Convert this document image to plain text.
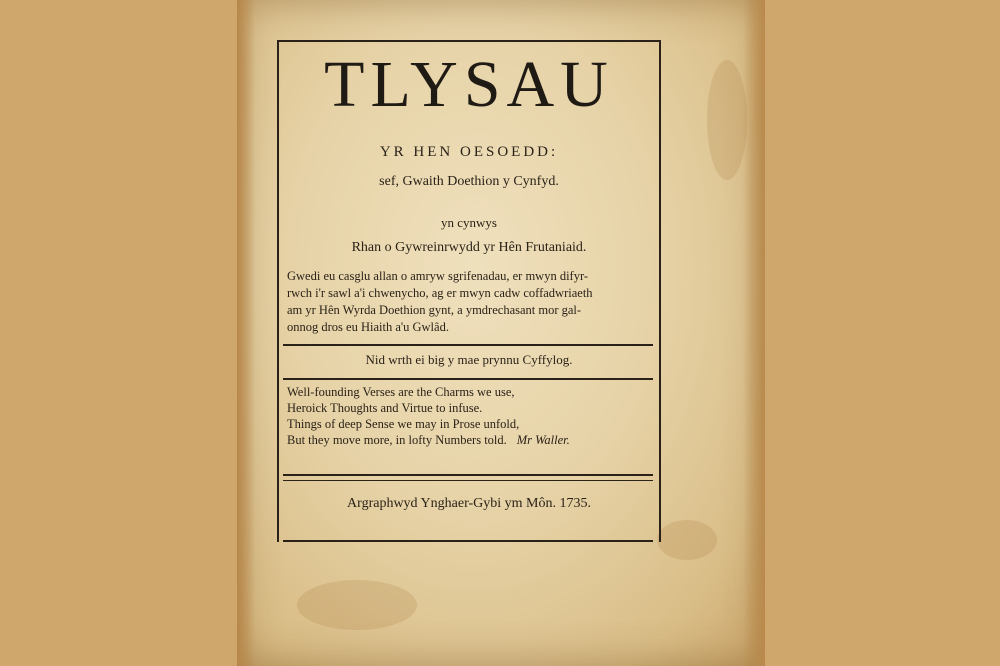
TLYSAU
YR HEN OESOEDD:
sef, Gwaith Doethion y Cynfyd.
yn cynwys
Rhan o Gywreinrwydd yr Hên Frutaniaid.
Gwedi eu casglu allan o amryw sgrifenadau, er mwyn difyr-
rwch i'r sawl a'i chwenycho, ag er mwyn cadw coffadwriaeth
am yr Hên Wyrda Doethion gynt, a ymdrechasant mor gal-
onnog dros eu Hiaith a'u Gwlâd.
Nid wrth ei big y mae prynnu Cyffylog.
Well-founding Verses are the Charms we use,
Heroick Thoughts and Virtue to infuse.
Things of deep Sense we may in Prose unfold,
But they move more, in lofty Numbers told. Mr Waller.
Argraphwyd Ynghaer-Gybi ym Môn. 1735.
